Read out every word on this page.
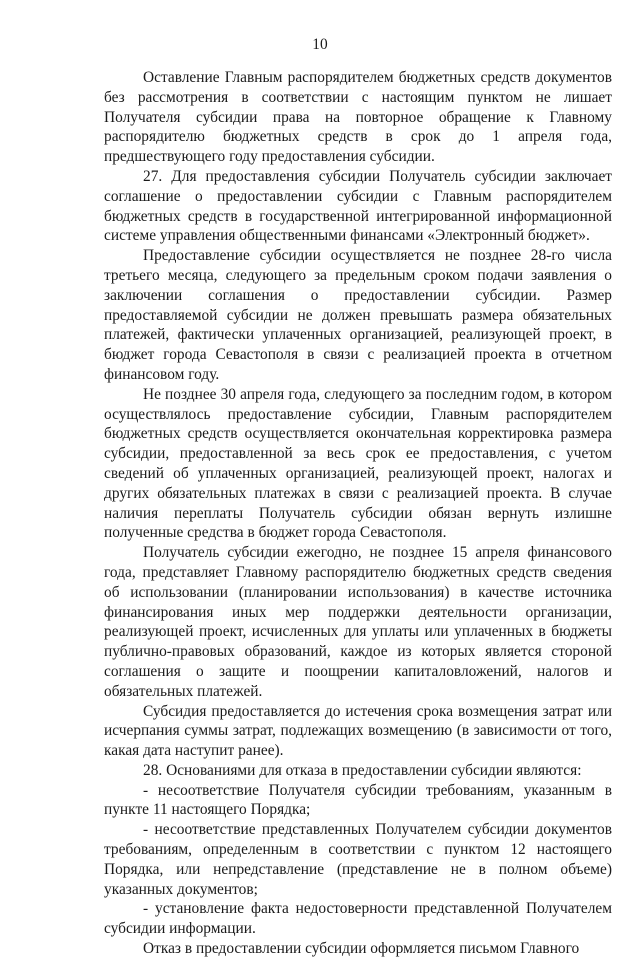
10

Оставление Главным распорядителем бюджетных средств документов без рассмотрения в соответствии с настоящим пунктом не лишает Получателя субсидии права на повторное обращение к Главному распорядителю бюджетных средств в срок до 1 апреля года, предшествующего году предоставления субсидии.

27. Для предоставления субсидии Получатель субсидии заключает соглашение о предоставлении субсидии с Главным распорядителем бюджетных средств в государственной интегрированной информационной системе управления общественными финансами «Электронный бюджет».

Предоставление субсидии осуществляется не позднее 28-го числа третьего месяца, следующего за предельным сроком подачи заявления о заключении соглашения о предоставлении субсидии. Размер предоставляемой субсидии не должен превышать размера обязательных платежей, фактически уплаченных организацией, реализующей проект, в бюджет города Севастополя в связи с реализацией проекта в отчетном финансовом году.

Не позднее 30 апреля года, следующего за последним годом, в котором осуществлялось предоставление субсидии, Главным распорядителем бюджетных средств осуществляется окончательная корректировка размера субсидии, предоставленной за весь срок ее предоставления, с учетом сведений об уплаченных организацией, реализующей проект, налогах и других обязательных платежах в связи с реализацией проекта. В случае наличия переплаты Получатель субсидии обязан вернуть излишне полученные средства в бюджет города Севастополя.

Получатель субсидии ежегодно, не позднее 15 апреля финансового года, представляет Главному распорядителю бюджетных средств сведения об использовании (планировании использования) в качестве источника финансирования иных мер поддержки деятельности организации, реализующей проект, исчисленных для уплаты или уплаченных в бюджеты публично-правовых образований, каждое из которых является стороной соглашения о защите и поощрении капиталовложений, налогов и обязательных платежей.

Субсидия предоставляется до истечения срока возмещения затрат или исчерпания суммы затрат, подлежащих возмещению (в зависимости от того, какая дата наступит ранее).

28. Основаниями для отказа в предоставлении субсидии являются:

- несоответствие Получателя субсидии требованиям, указанным в пункте 11 настоящего Порядка;

- несоответствие представленных Получателем субсидии документов требованиям, определенным в соответствии с пунктом 12 настоящего Порядка, или непредставление (представление не в полном объеме) указанных документов;

- установление факта недостоверности представленной Получателем субсидии информации.

Отказ в предоставлении субсидии оформляется письмом Главного
